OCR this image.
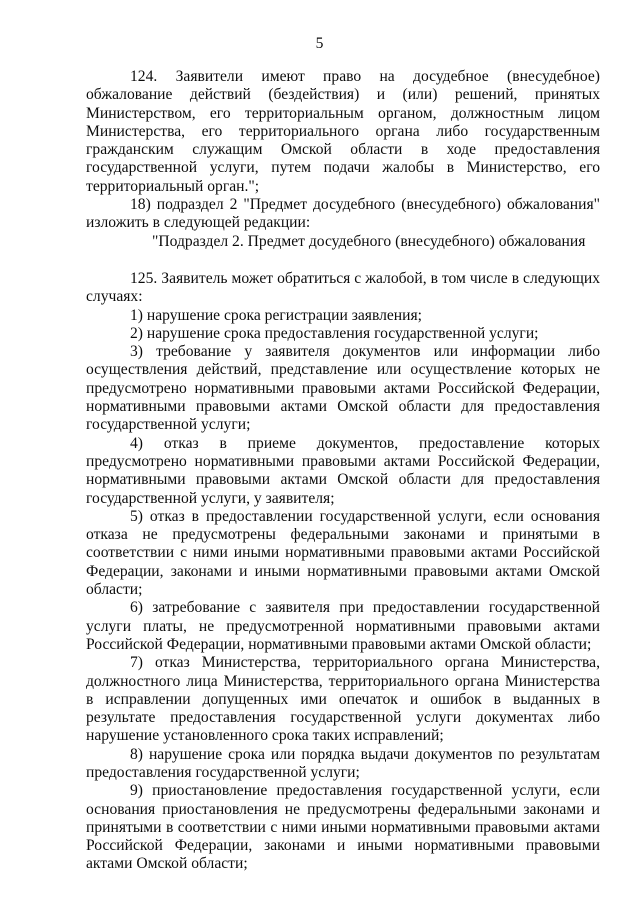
5

124. Заявители имеют право на досудебное (внесудебное) обжалование действий (бездействия) и (или) решений, принятых Министерством, его территориальным органом, должностным лицом Министерства, его территориального органа либо государственным гражданским служащим Омской области в ходе предоставления государственной услуги, путем подачи жалобы в Министерство, его территориальный орган.";

18) подраздел 2 "Предмет досудебного (внесудебного) обжалования" изложить в следующей редакции:

"Подраздел 2. Предмет досудебного (внесудебного) обжалования

125. Заявитель может обратиться с жалобой, в том числе в следующих случаях:

1) нарушение срока регистрации заявления;

2) нарушение срока предоставления государственной услуги;

3) требование у заявителя документов или информации либо осуществления действий, представление или осуществление которых не предусмотрено нормативными правовыми актами Российской Федерации, нормативными правовыми актами Омской области для предоставления государственной услуги;

4) отказ в приеме документов, предоставление которых предусмотрено нормативными правовыми актами Российской Федерации, нормативными правовыми актами Омской области для предоставления государственной услуги, у заявителя;

5) отказ в предоставлении государственной услуги, если основания отказа не предусмотрены федеральными законами и принятыми в соответствии с ними иными нормативными правовыми актами Российской Федерации, законами и иными нормативными правовыми актами Омской области;

6) затребование с заявителя при предоставлении государственной услуги платы, не предусмотренной нормативными правовыми актами Российской Федерации, нормативными правовыми актами Омской области;

7) отказ Министерства, территориального органа Министерства, должностного лица Министерства, территориального органа Министерства в исправлении допущенных ими опечаток и ошибок в выданных в результате предоставления государственной услуги документах либо нарушение установленного срока таких исправлений;

8) нарушение срока или порядка выдачи документов по результатам предоставления государственной услуги;

9) приостановление предоставления государственной услуги, если основания приостановления не предусмотрены федеральными законами и принятыми в соответствии с ними иными нормативными правовыми актами Российской Федерации, законами и иными нормативными правовыми актами Омской области;
